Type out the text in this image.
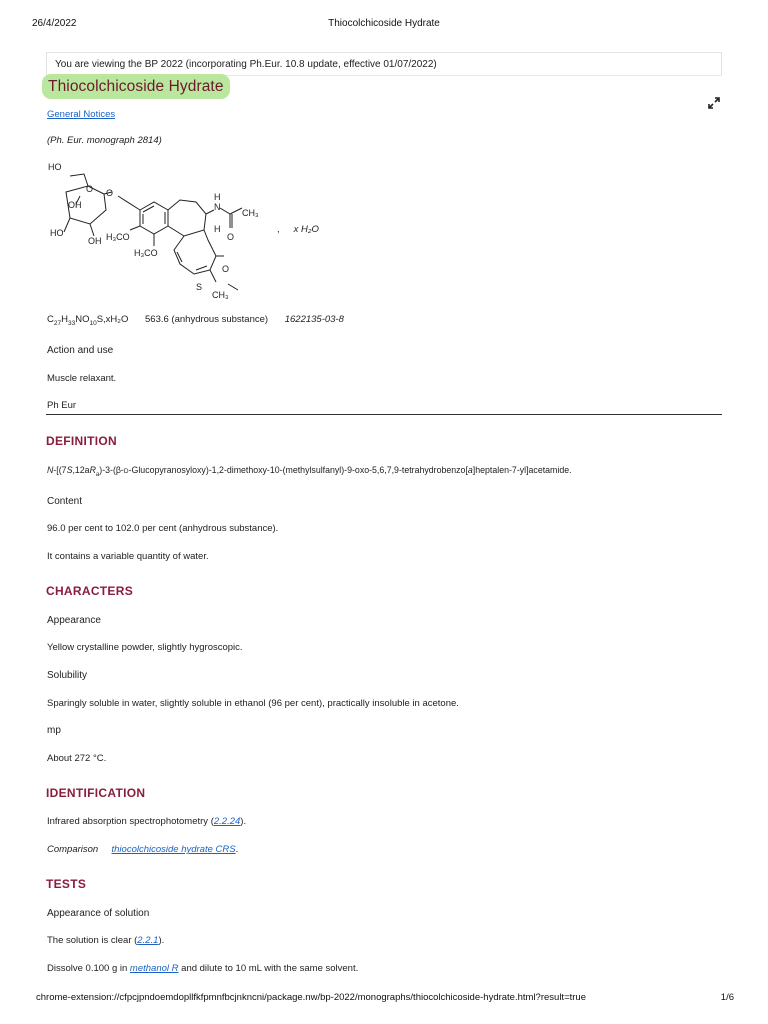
26/4/2022	Thiocolchicoside Hydrate
You are viewing the BP 2022 (incorporating Ph.Eur. 10.8 update, effective 01/07/2022)
Thiocolchicoside Hydrate
General Notices
(Ph. Eur. monograph 2814)
HO
O O
OH
HO
OH H₃CO
H₃CO
N
H
H
CH₃
O
O
S
CH₃
, x H₂O
$C_{27}H_{33}NO_{10}S,xH_2O$ 563.6 (anhydrous substance) 1622135-03-8
Action and use
Muscle relaxant.
Ph Eur
DEFINITION
$N-[(7S,12aR_a)-3-(\beta-D-Glucopyranosyloxy)-1,2-dimethoxy-10-(methylsulfanyl)-9-oxo-5,6,7,9-tetrahydrobenzo[a]heptalen-7-yl]$acetamide.
Content
96.0 per cent to 102.0 per cent (anhydrous substance).
It contains a variable quantity of water.
CHARACTERS
Appearance
Yellow crystalline powder, slightly hygroscopic.
Solubility
Sparingly soluble in water, slightly soluble in ethanol (96 per cent), practically insoluble in acetone.
mp
About 272 °C.
IDENTIFICATION
Infrared absorption spectrophotometry (2.2.24).
Comparison thiocolchicoside hydrate CRS.
TESTS
Appearance of solution
The solution is clear (2.2.1).
Dissolve 0.100 g in methanol R and dilute to 10 mL with the same solvent.
chrome-extension://cfpcjpndoemdopllfkfpmnfbcjnkncni/package.nw/bp-2022/monographs/thiocolchicoside-hydrate.html?result=true	1/6
